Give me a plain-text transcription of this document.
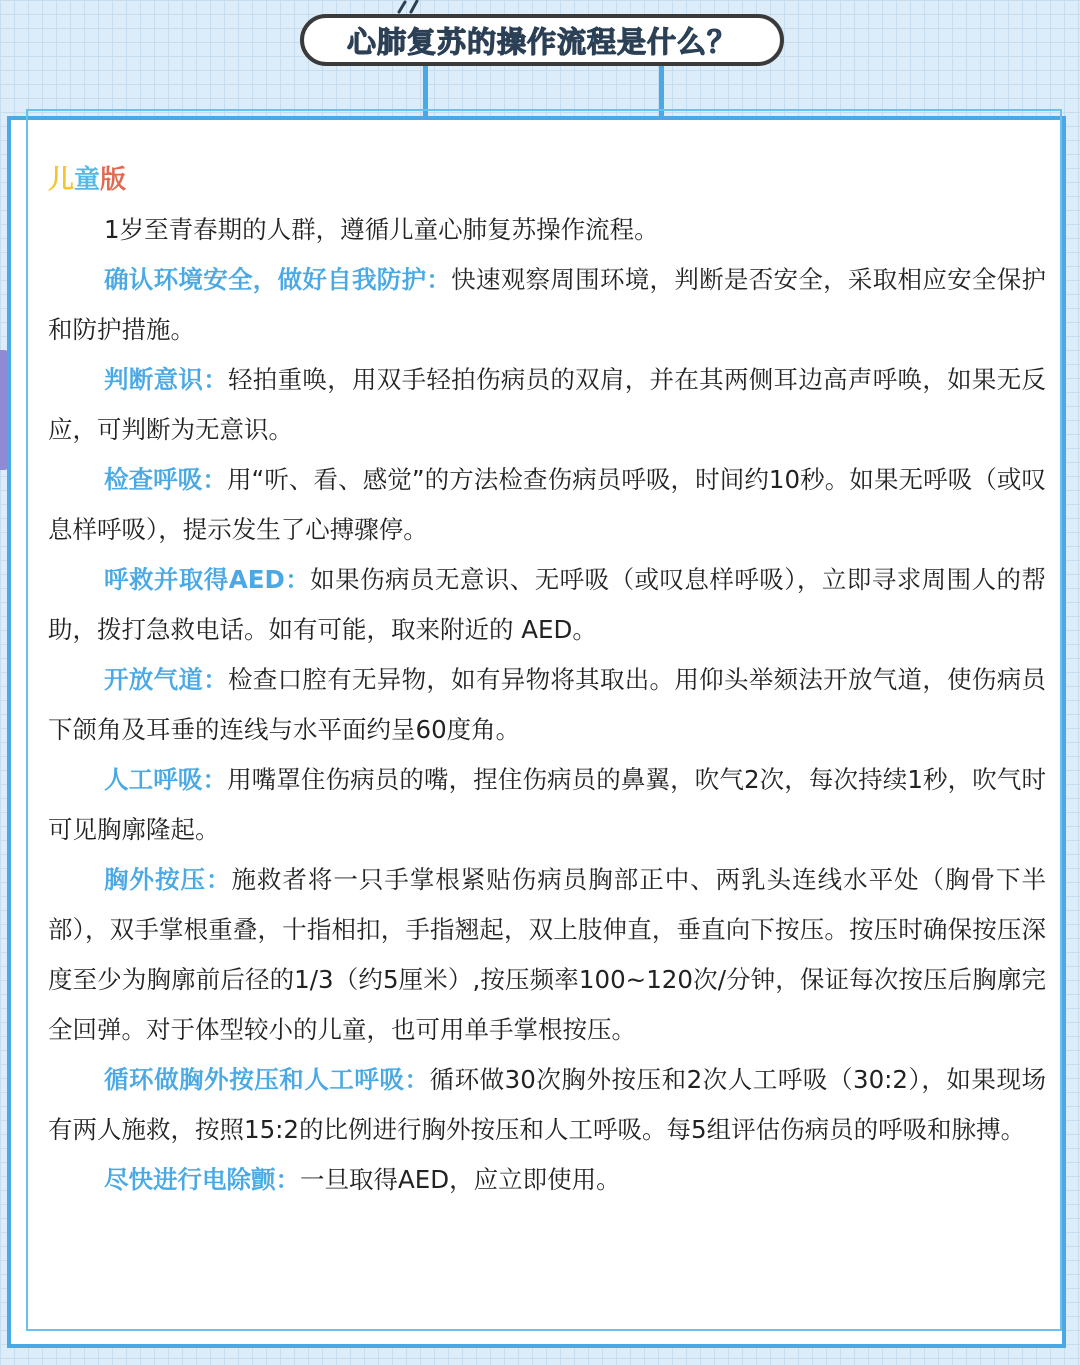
心肺复苏的操作流程是什么？

儿童版

1岁至青春期的人群，遵循儿童心肺复苏操作流程。

确认环境安全，做好自我防护：快速观察周围环境，判断是否安全，采取相应安全保护和防护措施。

判断意识：轻拍重唤，用双手轻拍伤病员的双肩，并在其两侧耳边高声呼唤，如果无反应，可判断为无意识。

检查呼吸：用“听、看、感觉”的方法检查伤病员呼吸，时间约10秒。如果无呼吸（或叹息样呼吸），提示发生了心搏骤停。

呼救并取得AED：如果伤病员无意识、无呼吸（或叹息样呼吸），立即寻求周围人的帮助，拨打急救电话。如有可能，取来附近的 AED。

开放气道：检查口腔有无异物，如有异物将其取出。用仰头举颏法开放气道，使伤病员下颌角及耳垂的连线与水平面约呈60度角。

人工呼吸：用嘴罩住伤病员的嘴，捏住伤病员的鼻翼，吹气2次，每次持续1秒，吹气时可见胸廓隆起。

胸外按压：施救者将一只手掌根紧贴伤病员胸部正中、两乳头连线水平处（胸骨下半部），双手掌根重叠，十指相扣，手指翘起，双上肢伸直，垂直向下按压。按压时确保按压深度至少为胸廓前后径的1/3（约5厘米）,按压频率100~120次/分钟，保证每次按压后胸廓完全回弹。对于体型较小的儿童，也可用单手掌根按压。

循环做胸外按压和人工呼吸：循环做30次胸外按压和2次人工呼吸（30:2），如果现场有两人施救，按照15:2的比例进行胸外按压和人工呼吸。每5组评估伤病员的呼吸和脉搏。

尽快进行电除颤：一旦取得AED，应立即使用。
